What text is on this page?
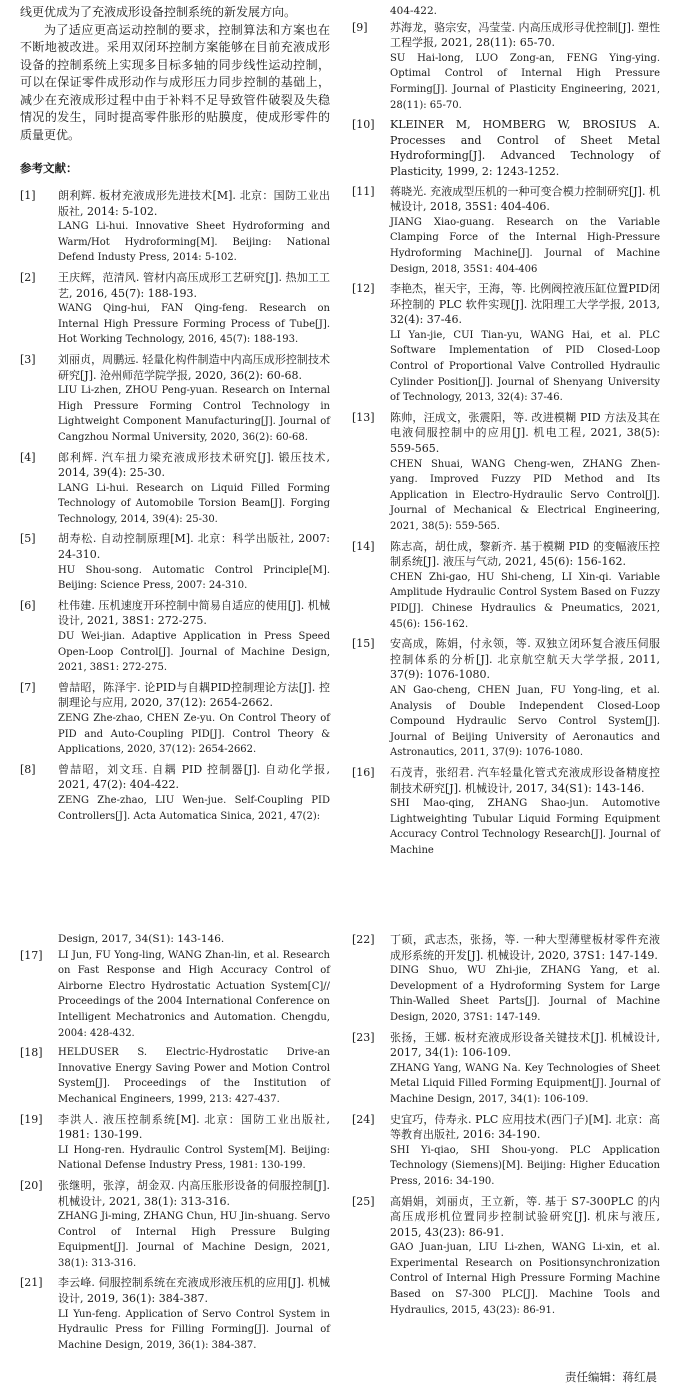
线更优成为了充液成形设备控制系统的新发展方向。

为了适应更高运动控制的要求，控制算法和方案也在不断地被改进。采用双闭环控制方案能够在目前充液成形设备的控制系统上实现多目标多轴的同步线性运动控制，可以在保证零件成形动作与成形压力同步控制的基础上，减少在充液成形过程中由于补料不足导致管件破裂及失稳情况的发生，同时提高零件胀形的贴膜度，使成形零件的质量更优。

参考文献：
[1] 朗利辉. 板材充液成形先进技术[M]. 北京：国防工业出版社, 2014: 5-102.
LANG Li-hui. Innovative Sheet Hydroforming and Warm/Hot Hydroforming[M]. Beijing: National Defend Industy Press, 2014: 5-102.
[2] 王庆辉，范清风. 管材内高压成形工艺研究[J]. 热加工工艺, 2016, 45(7): 188-193.
WANG Qing-hui, FAN Qing-feng. Research on Internal High Pressure Forming Process of Tube[J]. Hot Working Technology, 2016, 45(7): 188-193.
[3] 刘丽贞，周鹏远. 轻量化构件制造中内高压成形控制技术研究[J]. 沧州师范学院学报, 2020, 36(2): 60-68.
LIU Li-zhen, ZHOU Peng-yuan. Research on Internal High Pressure Forming Control Technology in Lightweight Component Manufacturing[J]. Journal of Cangzhou Normal University, 2020, 36(2): 60-68.
[4] 郎利辉. 汽车扭力梁充液成形技术研究[J]. 锻压技术, 2014, 39(4): 25-30.
LANG Li-hui. Research on Liquid Filled Forming Technology of Automobile Torsion Beam[J]. Forging Technology, 2014, 39(4): 25-30.
[5] 胡寿松. 自动控制原理[M]. 北京：科学出版社, 2007: 24-310.
HU Shou-song. Automatic Control Principle[M]. Beijing: Science Press, 2007: 24-310.
[6] 杜伟建. 压机速度开环控制中简易自适应的使用[J]. 机械设计, 2021, 38S1: 272-275.
DU Wei-jian. Adaptive Application in Press Speed Open-Loop Control[J]. Journal of Machine Design, 2021, 38S1: 272-275.
[7] 曾喆昭，陈泽宇. 论PID与自耦PID控制理论方法[J]. 控制理论与应用, 2020, 37(12): 2654-2662.
ZENG Zhe-zhao, CHEN Ze-yu. On Control Theory of PID and Auto-Coupling PID[J]. Control Theory & Applications, 2020, 37(12): 2654-2662.
[8] 曾喆昭，刘文珏. 自耦 PID 控制器[J]. 自动化学报, 2021, 47(2): 404-422.
ZENG Zhe-zhao, LIU Wen-jue. Self-Coupling PID Controllers[J]. Acta Automatica Sinica, 2021, 47(2):
404-422.
[9] 苏海龙，骆宗安，冯莹莹. 内高压成形寻优控制[J]. 塑性工程学报, 2021, 28(11): 65-70.
SU Hai-long, LUO Zong-an, FENG Ying-ying. Optimal Control of Internal High Pressure Forming[J]. Journal of Plasticity Engineering, 2021, 28(11): 65-70.
[10] KLEINER M, HOMBERG W, BROSIUS A. Processes and Control of Sheet Metal Hydroforming[J]. Advanced Technology of Plasticity, 1999, 2: 1243-1252.
[11] 蒋晓光. 充液成型压机的一种可变合模力控制研究[J]. 机械设计, 2018, 35S1: 404-406.
JIANG Xiao-guang. Research on the Variable Clamping Force of the Internal High-Pressure Hydroforming Machine[J]. Journal of Machine Design, 2018, 35S1: 404-406
[12] 李艳杰，崔天宇，王海，等. 比例阀控液压缸位置PID闭环控制的 PLC 软件实现[J]. 沈阳理工大学学报, 2013, 32(4): 37-46.
LI Yan-jie, CUI Tian-yu, WANG Hai, et al. PLC Software Implementation of PID Closed-Loop Control of Proportional Valve Controlled Hydraulic Cylinder Position[J]. Journal of Shenyang University of Technology, 2013, 32(4): 37-46.
[13] 陈帅，汪成文，张震阳，等. 改进模糊 PID 方法及其在电液伺服控制中的应用[J]. 机电工程, 2021, 38(5): 559-565.
CHEN Shuai, WANG Cheng-wen, ZHANG Zhen-yang. Improved Fuzzy PID Method and Its Application in Electro-Hydraulic Servo Control[J]. Journal of Mechanical & Electrical Engineering, 2021, 38(5): 559-565.
[14] 陈志高，胡仕成，黎新齐. 基于模糊 PID 的变幅液压控制系统[J]. 液压与气动, 2021, 45(6): 156-162.
CHEN Zhi-gao, HU Shi-cheng, LI Xin-qi. Variable Amplitude Hydraulic Control System Based on Fuzzy PID[J]. Chinese Hydraulics & Pneumatics, 2021, 45(6): 156-162.
[15] 安高成，陈娟，付永领，等. 双独立闭环复合液压伺服控制体系的分析[J]. 北京航空航天大学学报, 2011, 37(9): 1076-1080.
AN Gao-cheng, CHEN Juan, FU Yong-ling, et al. Analysis of Double Independent Closed-Loop Compound Hydraulic Servo Control System[J]. Journal of Beijing University of Aeronautics and Astronautics, 2011, 37(9): 1076-1080.
[16] 石茂青，张绍君. 汽车轻量化管式充液成形设备精度控制技术研究[J]. 机械设计, 2017, 34(S1): 143-146.
SHI Mao-qing, ZHANG Shao-jun. Automotive Lightweighting Tubular Liquid Forming Equipment Accuracy Control Technology Research[J]. Journal of Machine
Design, 2017, 34(S1): 143-146.
[17] LI Jun, FU Yong-ling, WANG Zhan-lin, et al. Research on Fast Response and High Accuracy Control of Airborne Electro Hydrostatic Actuation System[C]// Proceedings of the 2004 International Conference on Intelligent Mechatronics and Automation. Chengdu, 2004: 428-432.
[18] HELDUSER S. Electric-Hydrostatic Drive-an Innovative Energy Saving Power and Motion Control System[J]. Proceedings of the Institution of Mechanical Engineers, 1999, 213: 427-437.
[19] 李洪人. 液压控制系统[M]. 北京：国防工业出版社, 1981: 130-199.
LI Hong-ren. Hydraulic Control System[M]. Beijing: National Defense Industry Press, 1981: 130-199.
[20] 张继明，张淳，胡金双. 内高压胀形设备的伺服控制[J]. 机械设计, 2021, 38(1): 313-316.
ZHANG Ji-ming, ZHANG Chun, HU Jin-shuang. Servo Control of Internal High Pressure Bulging Equipment[J]. Journal of Machine Design, 2021, 38(1): 313-316.
[21] 李云峰. 伺服控制系统在充液成形液压机的应用[J]. 机械设计, 2019, 36(1): 384-387.
LI Yun-feng. Application of Servo Control System in Hydraulic Press for Filling Forming[J]. Journal of Machine Design, 2019, 36(1): 384-387.
[22] 丁硕，武志杰，张扬，等. 一种大型薄壁板材零件充液成形系统的开发[J]. 机械设计, 2020, 37S1: 147-149.
DING Shuo, WU Zhi-jie, ZHANG Yang, et al. Development of a Hydroforming System for Large Thin-Walled Sheet Parts[J]. Journal of Machine Design, 2020, 37S1: 147-149.
[23] 张扬，王娜. 板材充液成形设备关键技术[J]. 机械设计, 2017, 34(1): 106-109.
ZHANG Yang, WANG Na. Key Technologies of Sheet Metal Liquid Filled Forming Equipment[J]. Journal of Machine Design, 2017, 34(1): 106-109.
[24] 史宜巧，侍寿永. PLC 应用技术(西门子)[M]. 北京：高等教育出版社, 2016: 34-190.
SHI Yi-qiao, SHI Shou-yong. PLC Application Technology (Siemens)[M]. Beijing: Higher Education Press, 2016: 34-190.
[25] 高娟娟，刘丽贞，王立新，等. 基于 S7-300PLC 的内高压成形机位置同步控制试验研究[J]. 机床与液压, 2015, 43(23): 86-91.
GAO Juan-juan, LIU Li-zhen, WANG Li-xin, et al. Experimental Research on Positionsynchronization Control of Internal High Pressure Forming Machine Based on S7-300 PLC[J]. Machine Tools and Hydraulics, 2015, 43(23): 86-91.
责任编辑：蒋红晨
